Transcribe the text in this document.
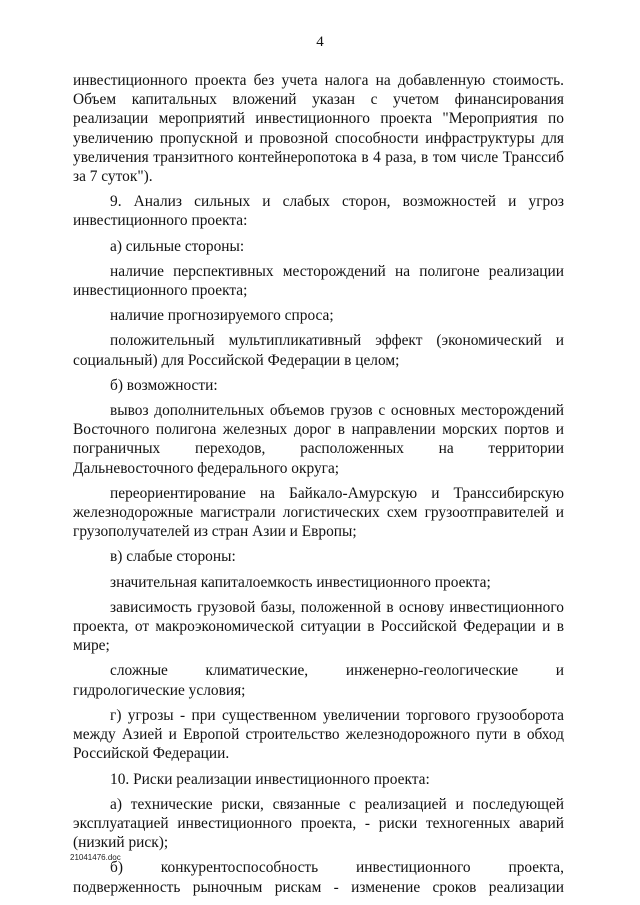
4

инвестиционного проекта без учета налога на добавленную стоимость. Объем капитальных вложений указан с учетом финансирования реализации мероприятий инвестиционного проекта "Мероприятия по увеличению пропускной и провозной способности инфраструктуры для увеличения транзитного контейнеропотока в 4 раза, в том числе Транссиб за 7 суток").

9. Анализ сильных и слабых сторон, возможностей и угроз инвестиционного проекта:

а) сильные стороны:

наличие перспективных месторождений на полигоне реализации инвестиционного проекта;

наличие прогнозируемого спроса;

положительный мультипликативный эффект (экономический и социальный) для Российской Федерации в целом;

б) возможности:

вывоз дополнительных объемов грузов с основных месторождений Восточного полигона железных дорог в направлении морских портов и пограничных переходов, расположенных на территории Дальневосточного федерального округа;

переориентирование на Байкало-Амурскую и Транссибирскую железнодорожные магистрали логистических схем грузоотправителей и грузополучателей из стран Азии и Европы;

в) слабые стороны:

значительная капиталоемкость инвестиционного проекта;

зависимость грузовой базы, положенной в основу инвестиционного проекта, от макроэкономической ситуации в Российской Федерации и в мире;

сложные климатические, инженерно-геологические и гидрологические условия;

г) угрозы - при существенном увеличении торгового грузооборота между Азией и Европой строительство железнодорожного пути в обход Российской Федерации.

10. Риски реализации инвестиционного проекта:

а) технические риски, связанные с реализацией и последующей эксплуатацией инвестиционного проекта, - риски техногенных аварий (низкий риск);

б) конкурентоспособность инвестиционного проекта, подверженность рыночным рискам - изменение сроков реализации

21041476.doc
